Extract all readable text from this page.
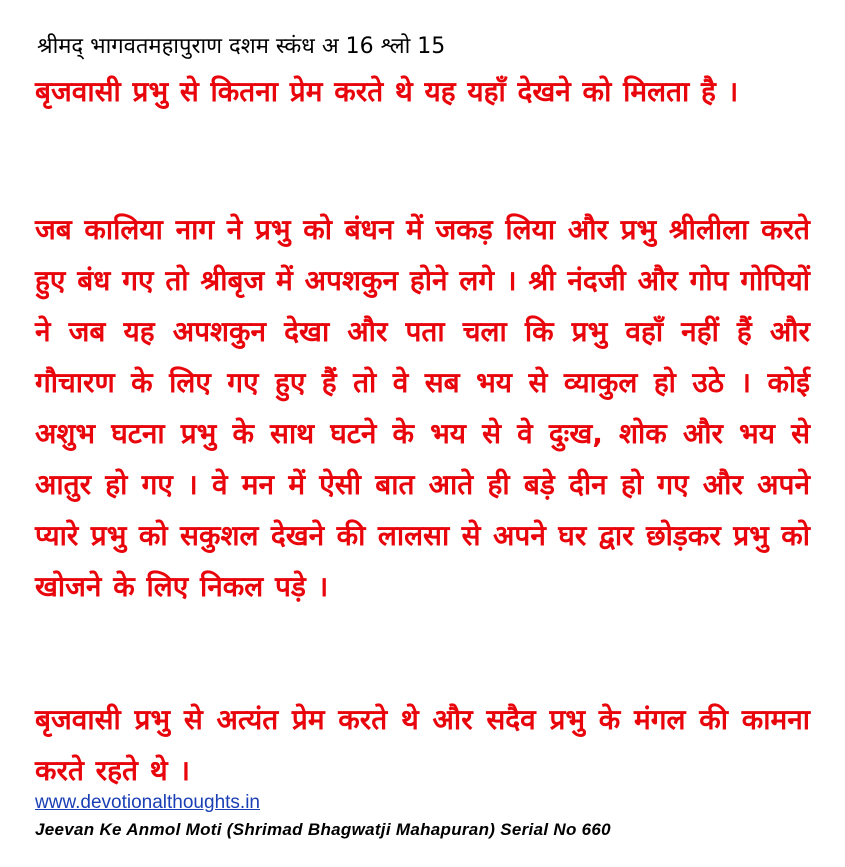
श्रीमद् भागवतमहापुराण दशम स्कंध अ 16 श्लो 15
बृजवासी प्रभु से कितना प्रेम करते थे यह यहाँ देखने को मिलता है ।
जब कालिया नाग ने प्रभु को बंधन में जकड़ लिया और प्रभु श्रीलीला करते हुए बंध गए तो श्रीबृज में अपशकुन होने लगे । श्री नंदजी और गोप गोपियों ने जब यह अपशकुन देखा और पता चला कि प्रभु वहाँ नहीं हैं और गौचारण के लिए गए हुए हैं तो वे सब भय से व्याकुल हो उठे । कोई अशुभ घटना प्रभु के साथ घटने के भय से वे दुःख, शोक और भय से आतुर हो गए । वे मन में ऐसी बात आते ही बड़े दीन हो गए और अपने प्यारे प्रभु को सकुशल देखने की लालसा से अपने घर द्वार छोड़कर प्रभु को खोजने के लिए निकल पड़े ।
बृजवासी प्रभु से अत्यंत प्रेम करते थे और सदैव प्रभु के मंगल की कामना करते रहते थे ।
www.devotionalthoughts.in
Jeevan Ke Anmol Moti (Shrimad Bhagwatji Mahapuran) Serial No 660
